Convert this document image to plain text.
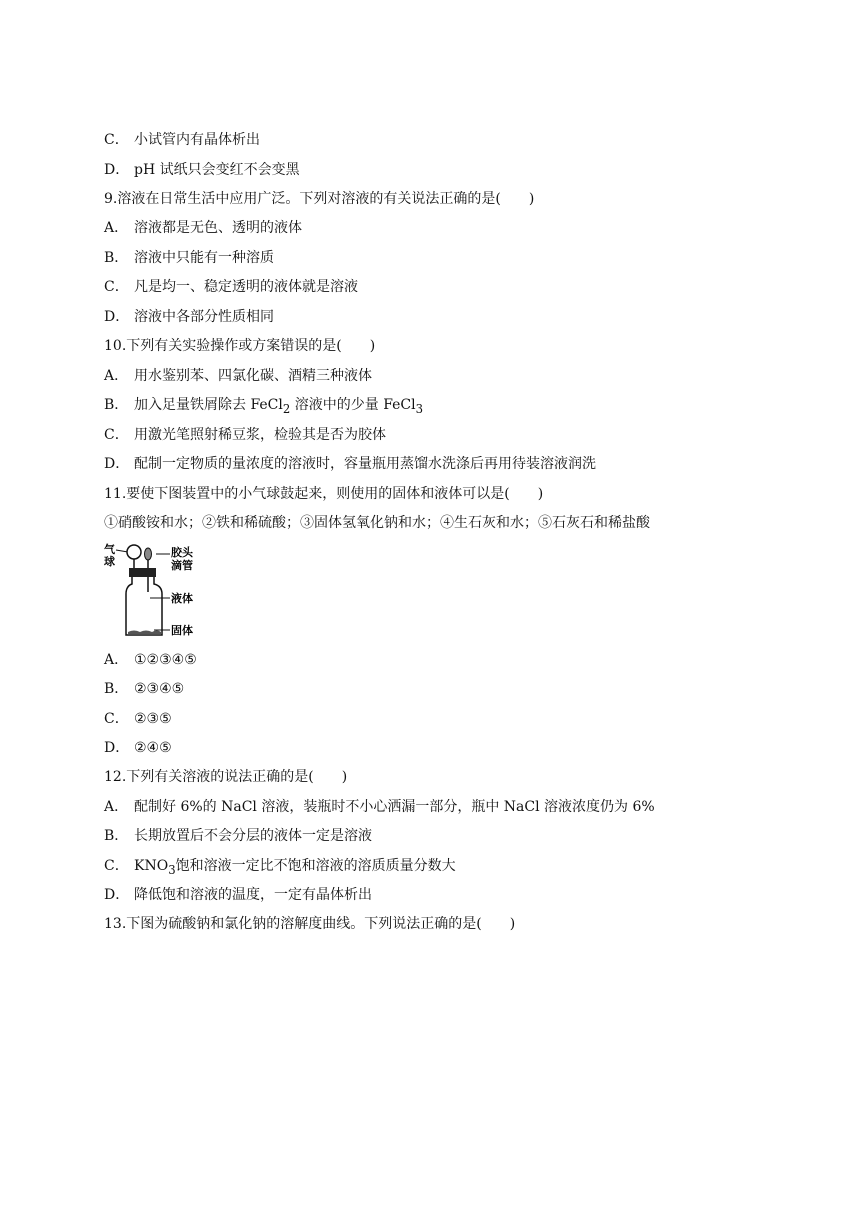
C． 小试管内有晶体析出
D． pH 试纸只会变红不会变黑
9.溶液在日常生活中应用广泛。下列对溶液的有关说法正确的是(　　)
A． 溶液都是无色、透明的液体
B． 溶液中只能有一种溶质
C． 凡是均一、稳定透明的液体就是溶液
D． 溶液中各部分性质相同
10.下列有关实验操作或方案错误的是(　　)
A． 用水鉴别苯、四氯化碳、酒精三种液体
B． 加入足量铁屑除去 FeCl$_2$ 溶液中的少量 FeCl$_3$
C． 用激光笔照射稀豆浆，检验其是否为胶体
D． 配制一定物质的量浓度的溶液时，容量瓶用蒸馏水洗涤后再用待装溶液润洗
11.要使下图装置中的小气球鼓起来，则使用的固体和液体可以是(　　)
①硝酸铵和水；②铁和稀硫酸；③固体氢氧化钠和水；④生石灰和水；⑤石灰石和稀盐酸
气
球
胶头
滴管
液体
固体
A． ①②③④⑤
B． ②③④⑤
C． ②③⑤
D． ②④⑤
12.下列有关溶液的说法正确的是(　　)
A． 配制好 6%的 NaCl 溶液，装瓶时不小心洒漏一部分，瓶中 NaCl 溶液浓度仍为 6%
B． 长期放置后不会分层的液体一定是溶液
C． $KNO_3$饱和溶液一定比不饱和溶液的溶质质量分数大
D． 降低饱和溶液的温度，一定有晶体析出
13.下图为硫酸钠和氯化钠的溶解度曲线。下列说法正确的是(　　)
